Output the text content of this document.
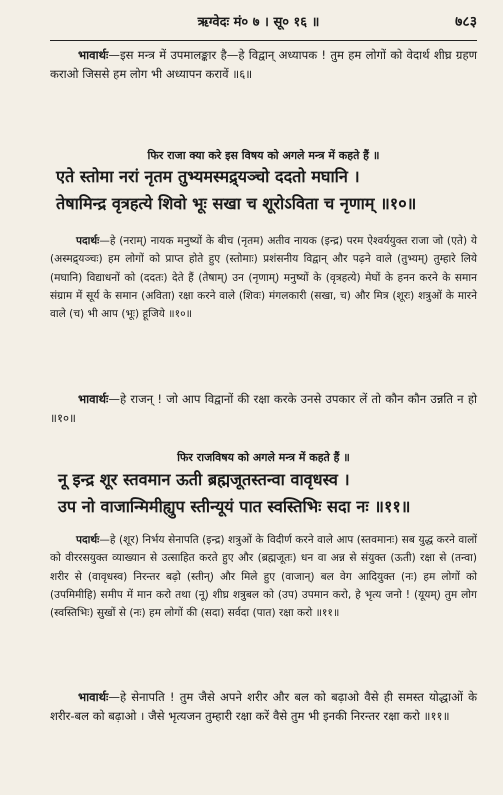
ऋग्वेदः मं० ७ । सू० १६ ॥	७८३

भावार्थः—इस मन्त्र में उपमालङ्कार है—हे विद्वान् अध्यापक ! तुम हम लोगों को वेदार्थ शीघ्र ग्रहण कराओ जिससे हम लोग भी अध्यापन करावें ॥६॥

फिर राजा क्या करे इस विषय को अगले मन्त्र में कहते हैं ॥

एते स्तोमा नरां नृतम तुभ्यमस्मद्र्यञ्चो ददतो मघानि ।

तेषामिन्द्र वृत्रहत्ये शिवो भूः सखा च शूरोऽविता च नृणाम् ॥१०॥

पदार्थः—हे (नराम्) नायक मनुष्यों के बीच (नृतम) अतीव नायक (इन्द्र) परम ऐश्वर्ययुक्त राजा जो (एते) ये (अस्मद्र्यञ्चः) हम लोगों को प्राप्त होते हुए (स्तोमाः) प्रशंसनीय विद्वान् और पढ़ने वाले (तुभ्यम्) तुम्हारे लिये (मघानि) विद्याधनों को (ददतः) देते हैं (तेषाम्) उन (नृणाम्) मनुष्यों के (वृत्रहत्ये) मेघों के हनन करने के समान संग्राम में सूर्य के समान (अविता) रक्षा करने वाले (शिवः) मंगलकारी (सखा, च) और मित्र (शूरः) शत्रुओं के मारने वाले (च) भी आप (भूः) हूजिये ॥१०॥

भावार्थः—हे राजन् ! जो आप विद्वानों की रक्षा करके उनसे उपकार लें तो कौन कौन उन्नति न हो ॥१०॥

फिर राजविषय को अगले मन्त्र में कहते हैं ॥

नू इन्द्र शूर स्तवमान ऊती ब्रह्मजूतस्तन्वा वावृधस्व ।

उप नो वाजान्मिमीह्युप स्तीन्यूयं पात स्वस्तिभिः सदा नः ॥११॥

पदार्थः—हे (शूर) निर्भय सेनापति (इन्द्र) शत्रुओं के विदीर्ण करने वाले आप (स्तवमानः) सब युद्ध करने वालों को वीररसयुक्त व्याख्यान से उत्साहित करते हुए और (ब्रह्मजूतः) धन वा अन्न से संयुक्त (ऊती) रक्षा से (तन्वा) शरीर से (वावृधस्व) निरन्तर बढ़ो (स्तीन्) और मिले हुए (वाजान्) बल वेग आदियुक्त (नः) हम लोगों को (उपमिमीहि) समीप में मान करो तथा (नू) शीघ्र शत्रुबल को (उप) उपमान करो, हे भृत्य जनो ! (यूयम्) तुम लोग (स्वस्तिभिः) सुखों से (नः) हम लोगों की (सदा) सर्वदा (पात) रक्षा करो ॥११॥

भावार्थः—हे सेनापति ! तुम जैसे अपने शरीर और बल को बढ़ाओ वैसे ही समस्त योद्धाओं के शरीर-बल को बढ़ाओ । जैसे भृत्यजन तुम्हारी रक्षा करें वैसे तुम भी इनकी निरन्तर रक्षा करो ॥११॥
